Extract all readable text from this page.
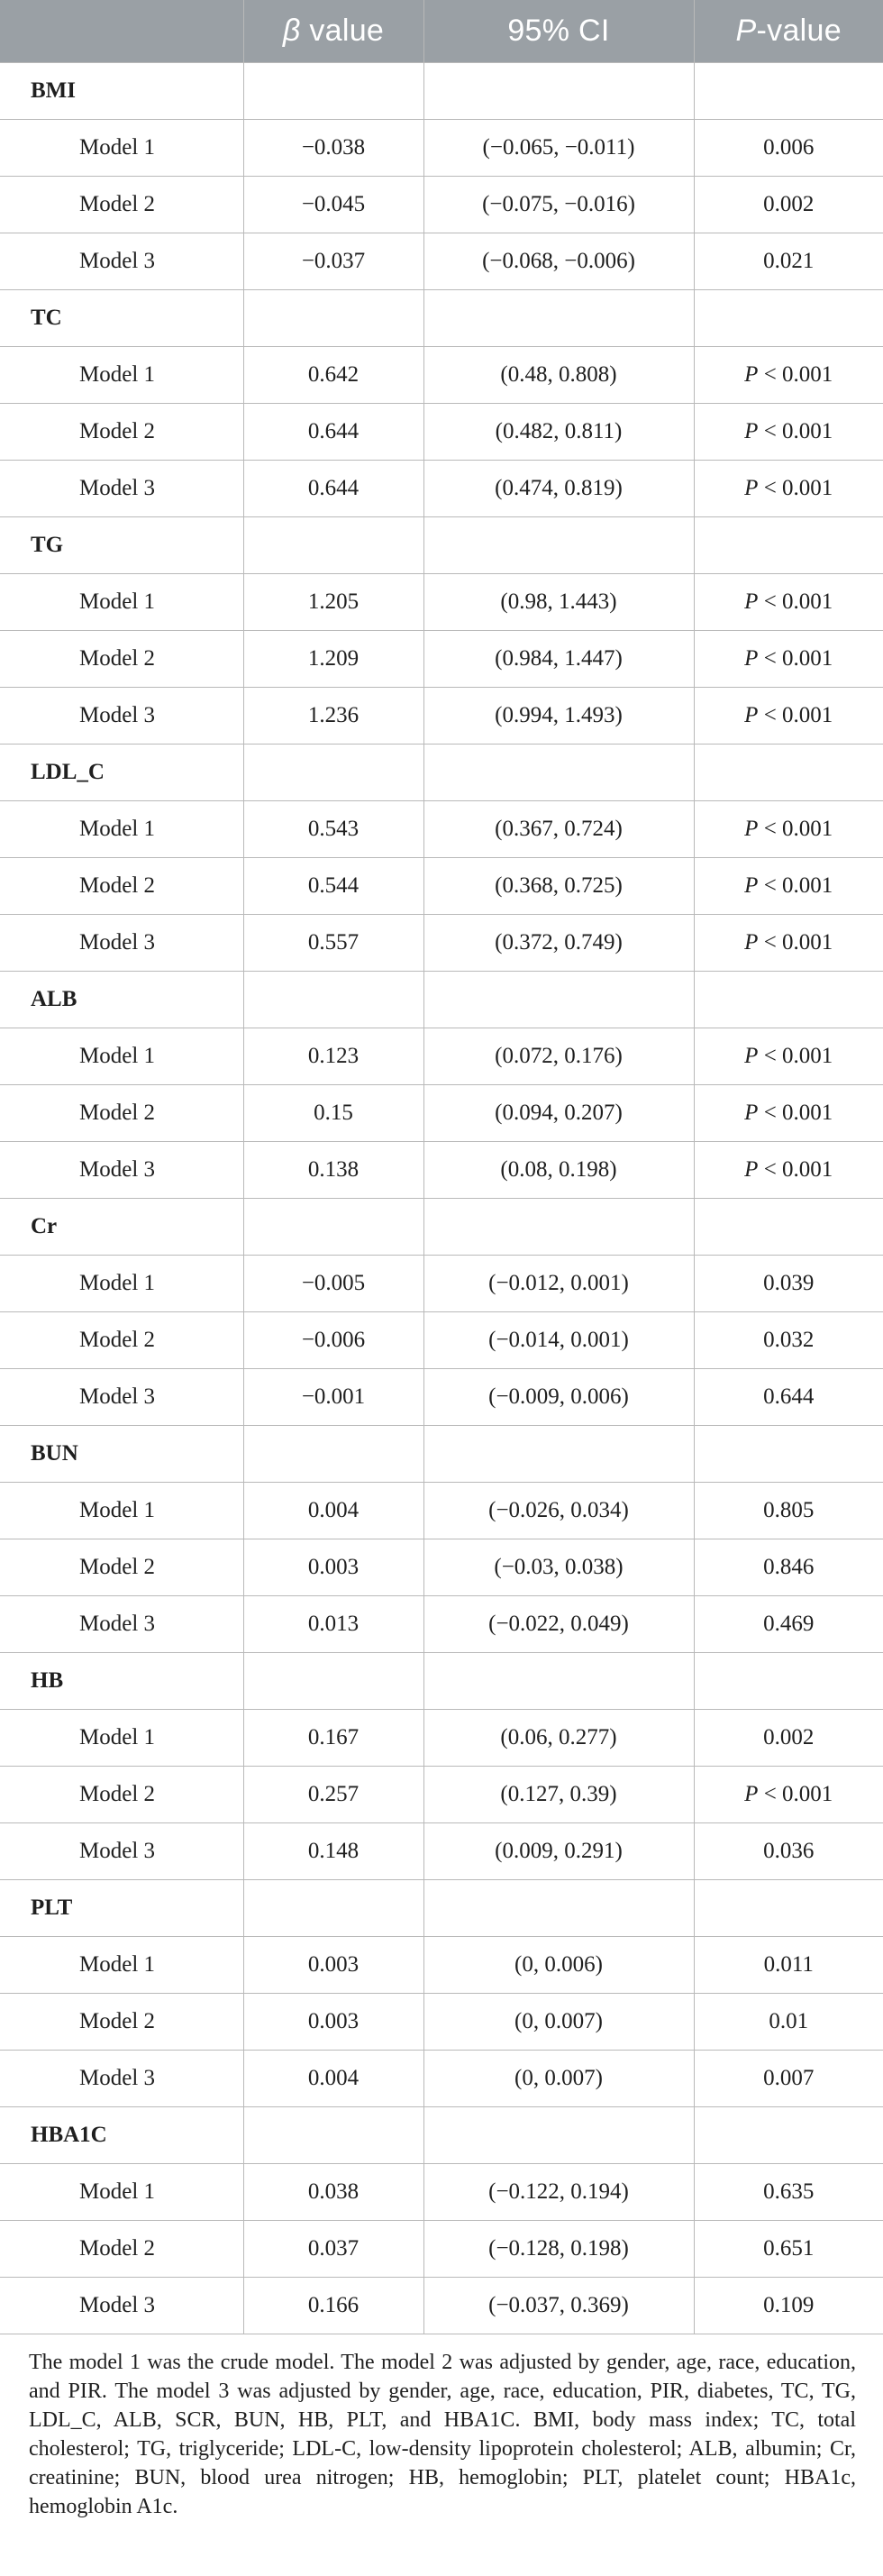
	β value	95% CI	P-value
BMI			
Model 1	−0.038	(−0.065, −0.011)	0.006
Model 2	−0.045	(−0.075, −0.016)	0.002
Model 3	−0.037	(−0.068, −0.006)	0.021
TC			
Model 1	0.642	(0.48, 0.808)	P < 0.001
Model 2	0.644	(0.482, 0.811)	P < 0.001
Model 3	0.644	(0.474, 0.819)	P < 0.001
TG			
Model 1	1.205	(0.98, 1.443)	P < 0.001
Model 2	1.209	(0.984, 1.447)	P < 0.001
Model 3	1.236	(0.994, 1.493)	P < 0.001
LDL_C			
Model 1	0.543	(0.367, 0.724)	P < 0.001
Model 2	0.544	(0.368, 0.725)	P < 0.001
Model 3	0.557	(0.372, 0.749)	P < 0.001
ALB			
Model 1	0.123	(0.072, 0.176)	P < 0.001
Model 2	0.15	(0.094, 0.207)	P < 0.001
Model 3	0.138	(0.08, 0.198)	P < 0.001
Cr			
Model 1	−0.005	(−0.012, 0.001)	0.039
Model 2	−0.006	(−0.014, 0.001)	0.032
Model 3	−0.001	(−0.009, 0.006)	0.644
BUN			
Model 1	0.004	(−0.026, 0.034)	0.805
Model 2	0.003	(−0.03, 0.038)	0.846
Model 3	0.013	(−0.022, 0.049)	0.469
HB			
Model 1	0.167	(0.06, 0.277)	0.002
Model 2	0.257	(0.127, 0.39)	P < 0.001
Model 3	0.148	(0.009, 0.291)	0.036
PLT			
Model 1	0.003	(0, 0.006)	0.011
Model 2	0.003	(0, 0.007)	0.01
Model 3	0.004	(0, 0.007)	0.007
HBA1C			
Model 1	0.038	(−0.122, 0.194)	0.635
Model 2	0.037	(−0.128, 0.198)	0.651
Model 3	0.166	(−0.037, 0.369)	0.109
The model 1 was the crude model. The model 2 was adjusted by gender, age, race, education, and PIR. The model 3 was adjusted by gender, age, race, education, PIR, diabetes, TC, TG, LDL_C, ALB, SCR, BUN, HB, PLT, and HBA1C. BMI, body mass index; TC, total cholesterol; TG, triglyceride; LDL-C, low-density lipoprotein cholesterol; ALB, albumin; Cr, creatinine; BUN, blood urea nitrogen; HB, hemoglobin; PLT, platelet count; HBA1c, hemoglobin A1c.
